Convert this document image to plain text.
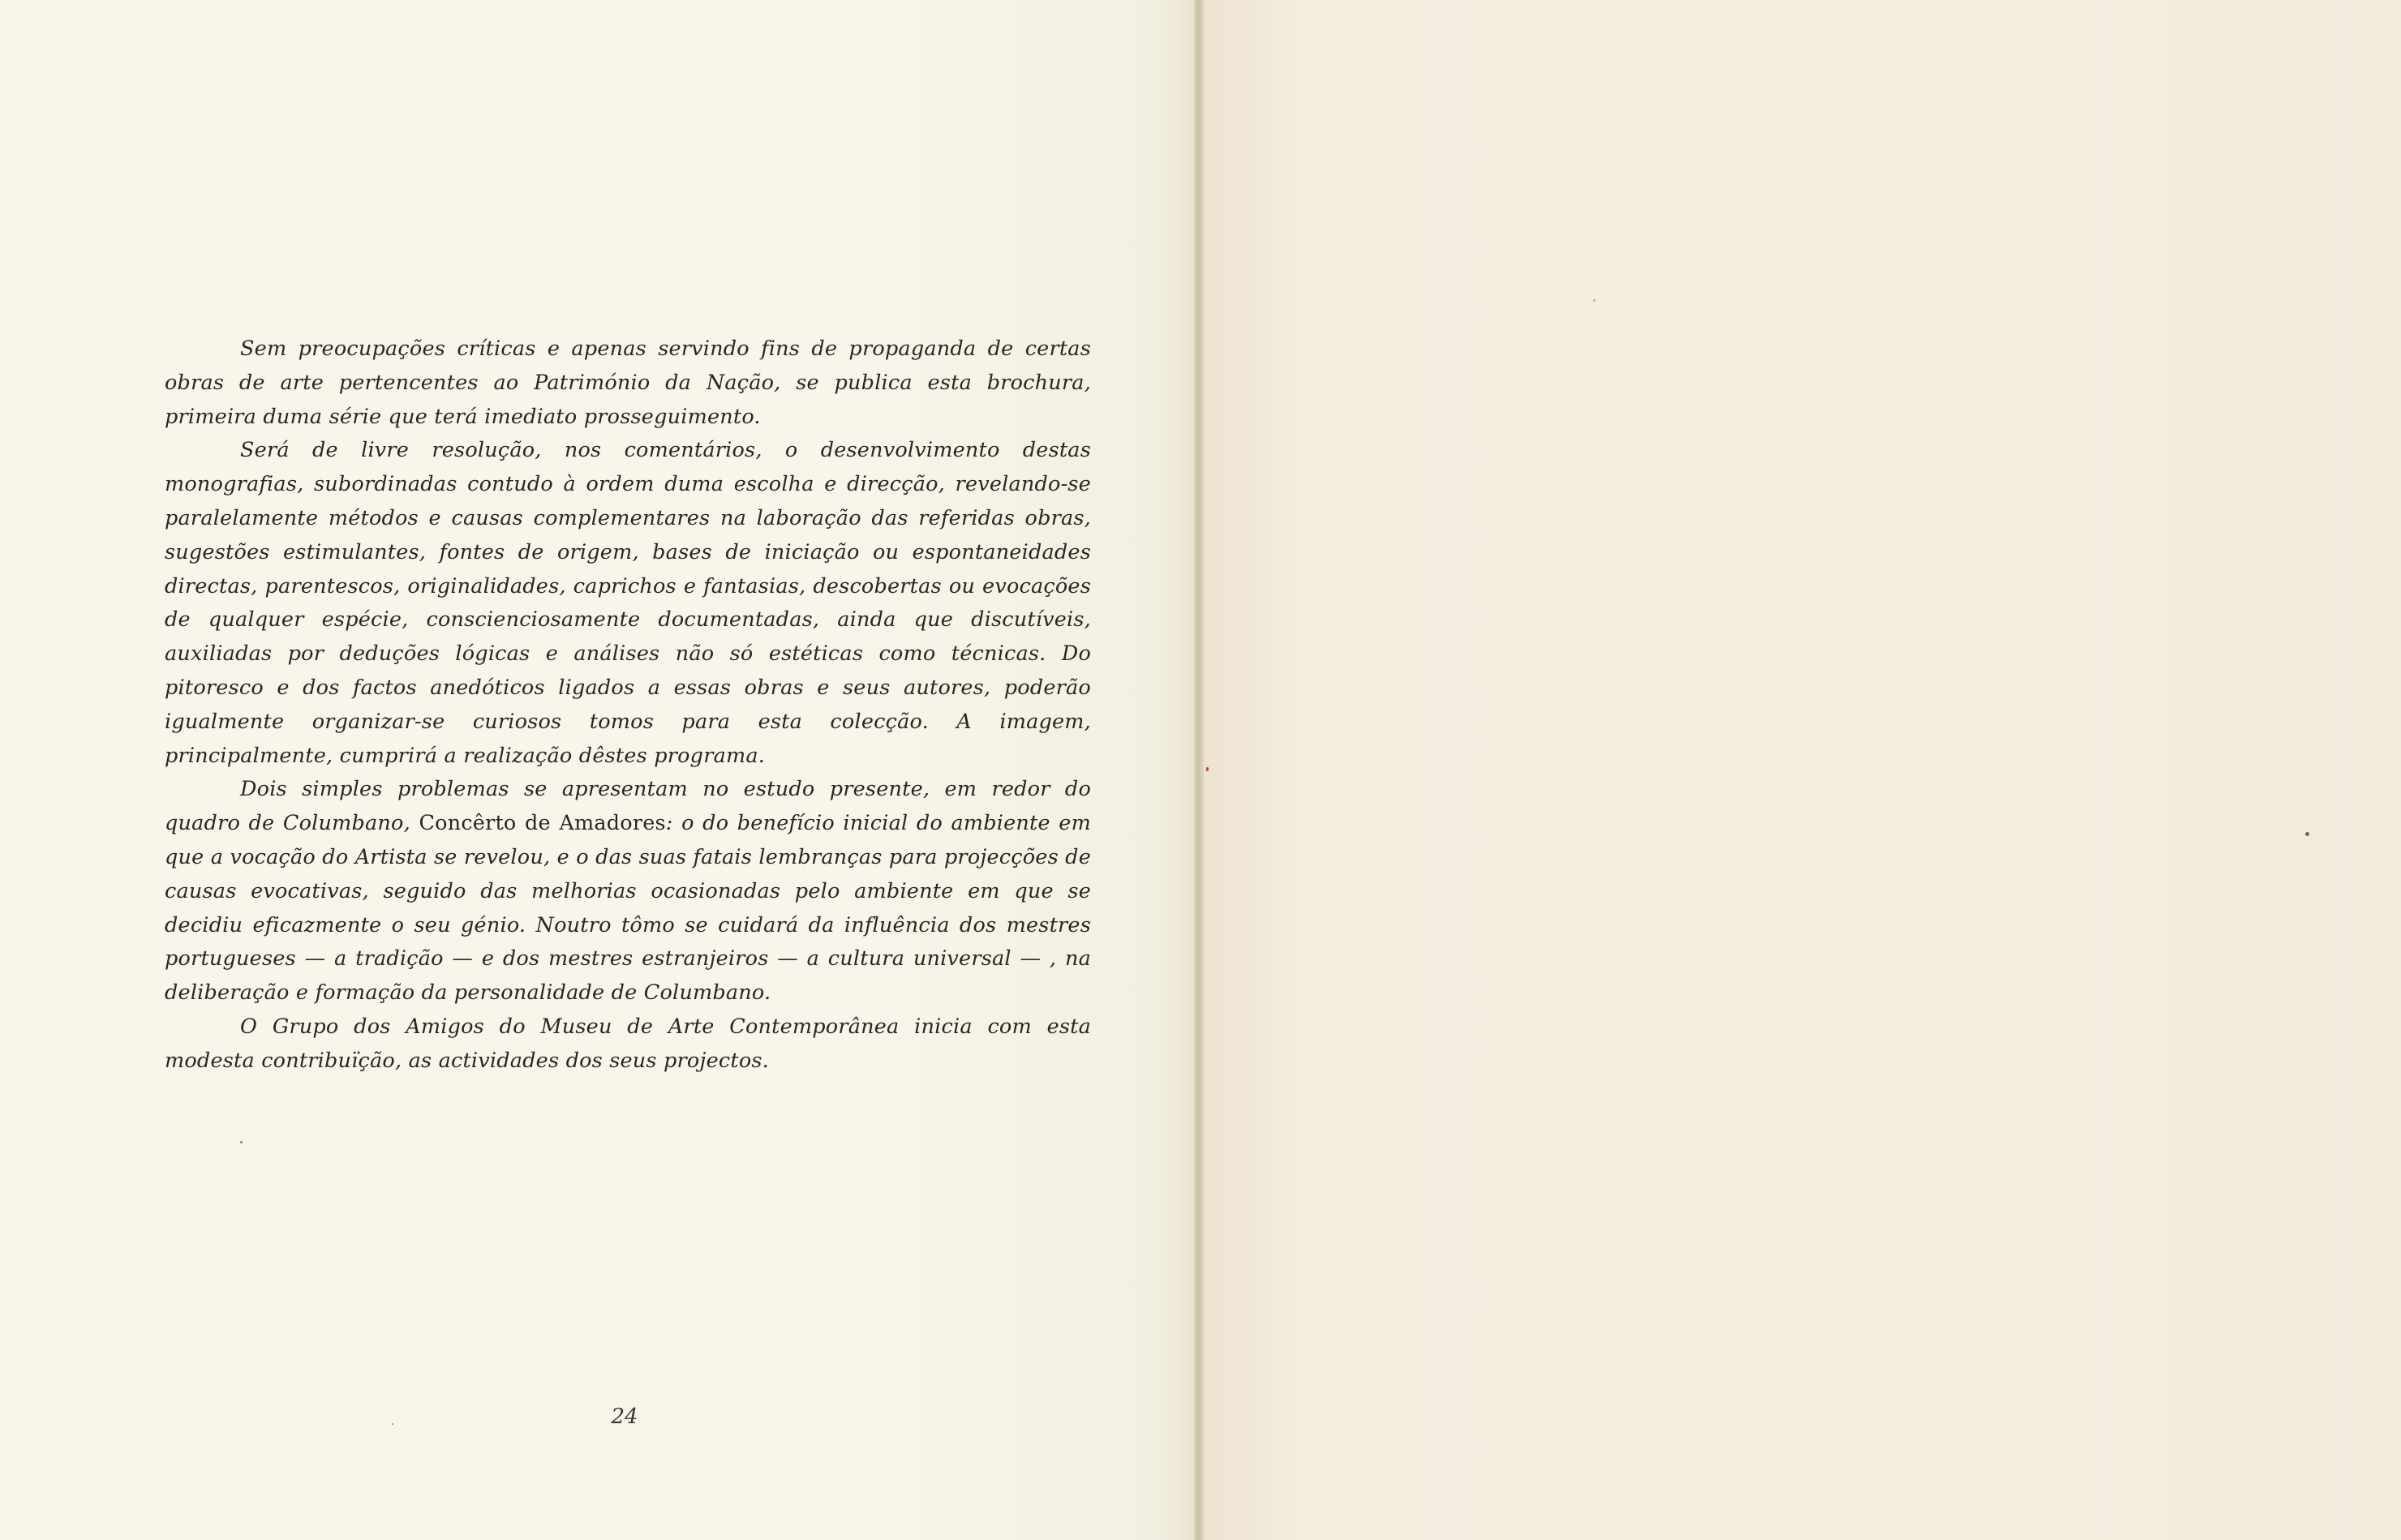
Sem preocupações críticas e apenas servindo fins de propaganda de certas obras de arte pertencentes ao Património da Nação, se publica esta brochura, primeira duma série que terá imediato prosseguimento.

Será de livre resolução, nos comentários, o desenvolvimento destas monografias, subordinadas contudo à ordem duma escolha e direcção, revelando-se paralelamente métodos e causas complementares na laboração das referidas obras, sugestões estimulantes, fontes de origem, bases de iniciação ou espontaneidades directas, parentescos, originalidades, caprichos e fantasias, descobertas ou evocações de qualquer espécie, conscienciosamente documentadas, ainda que discutíveis, auxiliadas por deduções lógicas e análises não só estéticas como técnicas. Do pitoresco e dos factos anedóticos ligados a essas obras e seus autores, poderão igualmente organizar-se curiosos tomos para esta colecção. A imagem, principalmente, cumprirá a realização dêstes programa.

Dois simples problemas se apresentam no estudo presente, em redor do quadro de Columbano, Concêrto de Amadores: o do benefício inicial do ambiente em que a vocação do Artista se revelou, e o das suas fatais lembranças para projecções de causas evocativas, seguido das melhorias ocasionadas pelo ambiente em que se decidiu eficazmente o seu génio. Noutro tômo se cuidará da influência dos mestres portugueses — a tradição — e dos mestres estranjeiros — a cultura universal — , na deliberação e formação da personalidade de Columbano.

O Grupo dos Amigos do Museu de Arte Contemporânea inicia com esta modesta contribuïção, as actividades dos seus projectos.

24
